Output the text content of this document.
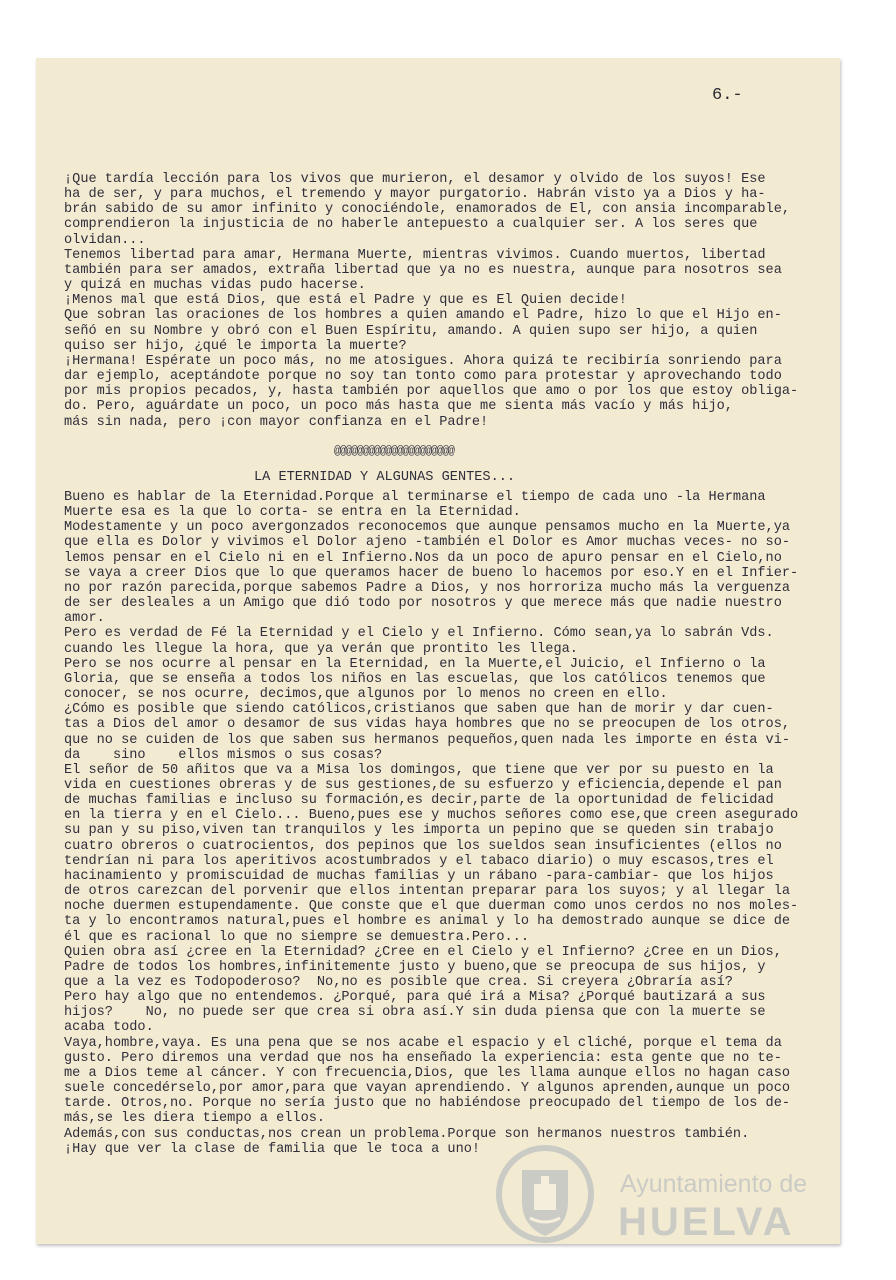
6.-
¡Que tardía lección para los vivos que murieron, el desamor y olvido de los suyos! Ese
ha de ser, y para muchos, el tremendo y mayor purgatorio. Habrán visto ya a Dios y ha-
brán sabido de su amor infinito y conociéndole, enamorados de El, con ansia incomparable,
comprendieron la injusticia de no haberle antepuesto a cualquier ser. A los seres que
olvidan...
Tenemos libertad para amar, Hermana Muerte, mientras vivimos. Cuando muertos, libertad
también para ser amados, extraña libertad que ya no es nuestra, aunque para nosotros sea
y quizá en muchas vidas pudo hacerse.
¡Menos mal que está Dios, que está el Padre y que es El Quien decide!
Que sobran las oraciones de los hombres a quien amando el Padre, hizo lo que el Hijo en-
señó en su Nombre y obró con el Buen Espíritu, amando. A quien supo ser hijo, a quien
quiso ser hijo, ¿qué le importa la muerte?
¡Hermana! Espérate un poco más, no me atosigues. Ahora quizá te recibiría sonriendo para
dar ejemplo, aceptándote porque no soy tan tonto como para protestar y aprovechando todo
por mis propios pecados, y, hasta también por aquellos que amo o por los que estoy obliga-
do. Pero, aguárdate un poco, un poco más hasta que me sienta más vacío y más hijo,
más sin nada, pero ¡con mayor confianza en el Padre!
@@@@@@@@@@@@@@@@@@@@@
LA ETERNIDAD Y ALGUNAS GENTES...
Bueno es hablar de la Eternidad.Porque al terminarse el tiempo de cada uno -la Hermana
Muerte esa es la que lo corta- se entra en la Eternidad.
Modestamente y un poco avergonzados reconocemos que aunque pensamos mucho en la Muerte,ya
que ella es Dolor y vivimos el Dolor ajeno -también el Dolor es Amor muchas veces- no so-
lemos pensar en el Cielo ni en el Infierno.Nos da un poco de apuro pensar en el Cielo,no
se vaya a creer Dios que lo que queramos hacer de bueno lo hacemos por eso.Y en el Infier-
no por razón parecida,porque sabemos Padre a Dios, y nos horroriza mucho más la verguenza
de ser desleales a un Amigo que dió todo por nosotros y que merece más que nadie nuestro
amor.
Pero es verdad de Fé la Eternidad y el Cielo y el Infierno. Cómo sean,ya lo sabrán Vds.
cuando les llegue la hora, que ya verán que prontito les llega.
Pero se nos ocurre al pensar en la Eternidad, en la Muerte,el Juicio, el Infierno o la
Gloria, que se enseña a todos los niños en las escuelas, que los católicos tenemos que
conocer, se nos ocurre, decimos,que algunos por lo menos no creen en ello.
¿Cómo es posible que siendo católicos,cristianos que saben que han de morir y dar cuen-
tas a Dios del amor o desamor de sus vidas haya hombres que no se preocupen de los otros,
que no se cuiden de los que saben sus hermanos pequeños,quen nada les importe en ésta vi-
da    sino    ellos mismos o sus cosas?
El señor de 50 añitos que va a Misa los domingos, que tiene que ver por su puesto en la
vida en cuestiones obreras y de sus gestiones,de su esfuerzo y eficiencia,depende el pan
de muchas familias e incluso su formación,es decir,parte de la oportunidad de felicidad
en la tierra y en el Cielo... Bueno,pues ese y muchos señores como ese,que creen asegurado
su pan y su piso,viven tan tranquilos y les importa un pepino que se queden sin trabajo
cuatro obreros o cuatrocientos, dos pepinos que los sueldos sean insuficientes (ellos no
tendrían ni para los aperitivos acostumbrados y el tabaco diario) o muy escasos,tres el
hacinamiento y promiscuidad de muchas familias y un rábano -para-cambiar- que los hijos
de otros carezcan del porvenir que ellos intentan preparar para los suyos; y al llegar la
noche duermen estupendamente. Que conste que el que duerman como unos cerdos no nos moles-
ta y lo encontramos natural,pues el hombre es animal y lo ha demostrado aunque se dice de
él que es racional lo que no siempre se demuestra.Pero...
Quien obra así ¿cree en la Eternidad? ¿Cree en el Cielo y el Infierno? ¿Cree en un Dios,
Padre de todos los hombres,infinitemente justo y bueno,que se preocupa de sus hijos, y
que a la vez es Todopoderoso?  No,no es posible que crea. Si creyera ¿Obraría así?
Pero hay algo que no entendemos. ¿Porqué, para qué irá a Misa? ¿Porqué bautizará a sus
hijos?    No, no puede ser que crea si obra así.Y sin duda piensa que con la muerte se
acaba todo.
Vaya,hombre,vaya. Es una pena que se nos acabe el espacio y el cliché, porque el tema da
gusto. Pero diremos una verdad que nos ha enseñado la experiencia: esta gente que no te-
me a Dios teme al cáncer. Y con frecuencia,Dios, que les llama aunque ellos no hagan caso
suele concedérselo,por amor,para que vayan aprendiendo. Y algunos aprenden,aunque un poco
tarde. Otros,no. Porque no sería justo que no habiéndose preocupado del tiempo de los de-
más,se les diera tiempo a ellos.
Además,con sus conductas,nos crean un problema.Porque son hermanos nuestros también.
¡Hay que ver la clase de familia que le toca a uno!
Ayuntamiento de
HUELVA
